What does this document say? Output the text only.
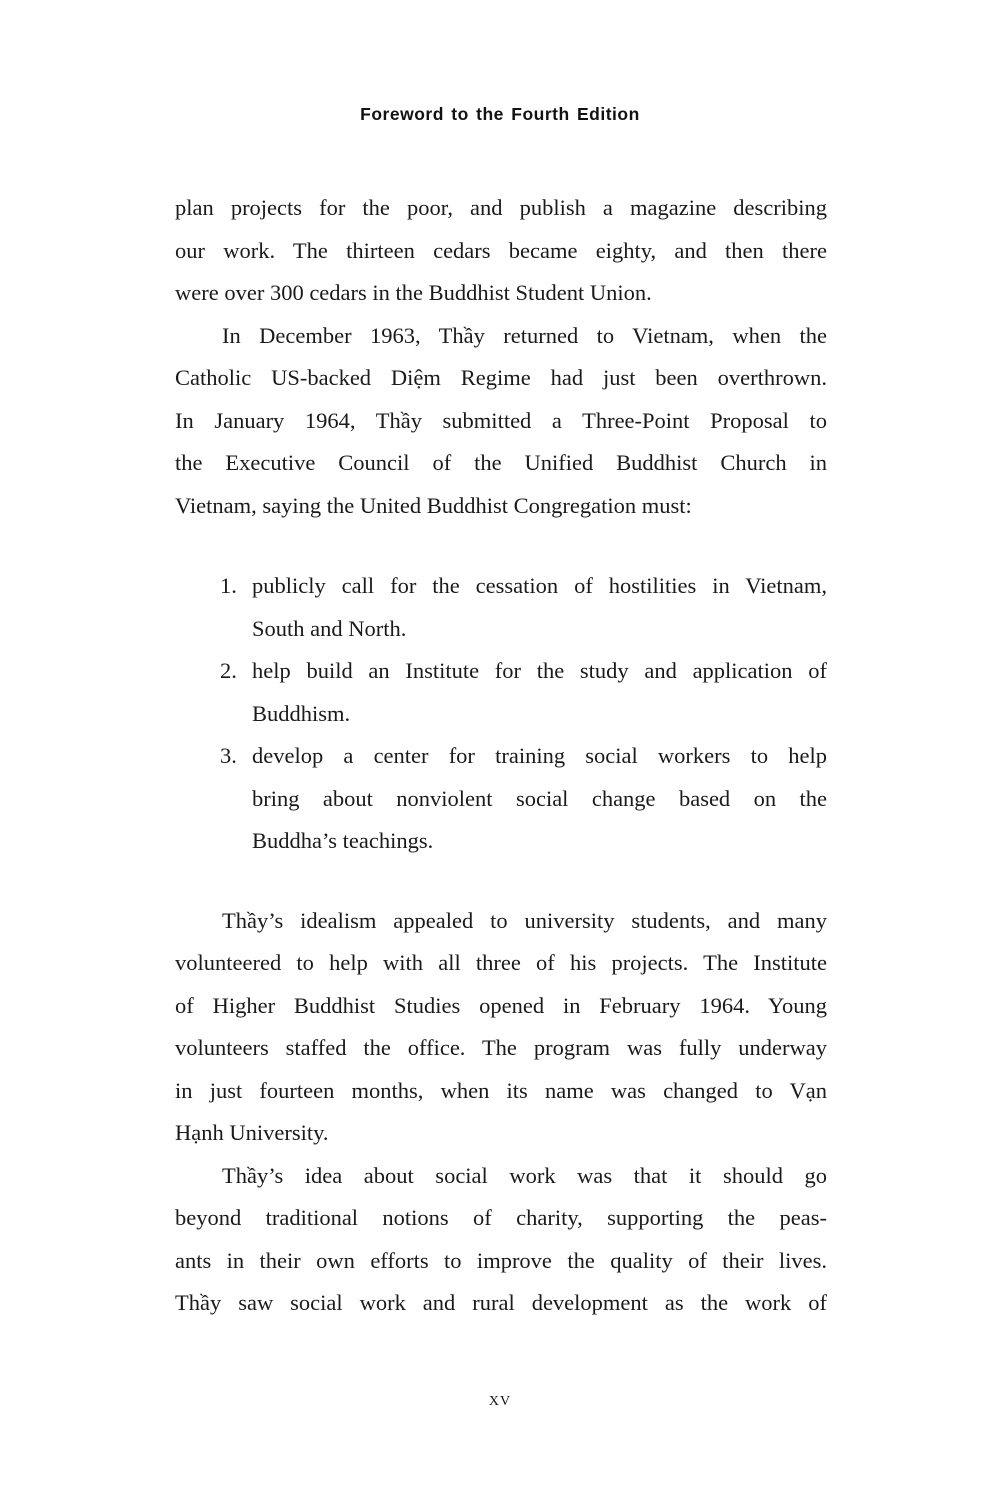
Foreword to the Fourth Edition
plan projects for the poor, and publish a magazine describing
our work. The thirteen cedars became eighty, and then there
were over 300 cedars in the Buddhist Student Union.
In December 1963, Thầy returned to Vietnam, when the
Catholic US-backed Diệm Regime had just been overthrown.
In January 1964, Thầy submitted a Three-Point Proposal to
the Executive Council of the Unified Buddhist Church in
Vietnam, saying the United Buddhist Congregation must:
1. publicly call for the cessation of hostilities in Vietnam,
South and North.
2. help build an Institute for the study and application of
Buddhism.
3. develop a center for training social workers to help
bring about nonviolent social change based on the
Buddha’s teachings.
Thầy’s idealism appealed to university students, and many
volunteered to help with all three of his projects. The Institute
of Higher Buddhist Studies opened in February 1964. Young
volunteers staffed the office. The program was fully underway
in just fourteen months, when its name was changed to Vạn
Hạnh University.
Thầy’s idea about social work was that it should go
beyond traditional notions of charity, supporting the peas-
ants in their own efforts to improve the quality of their lives.
Thầy saw social work and rural development as the work of
xv
